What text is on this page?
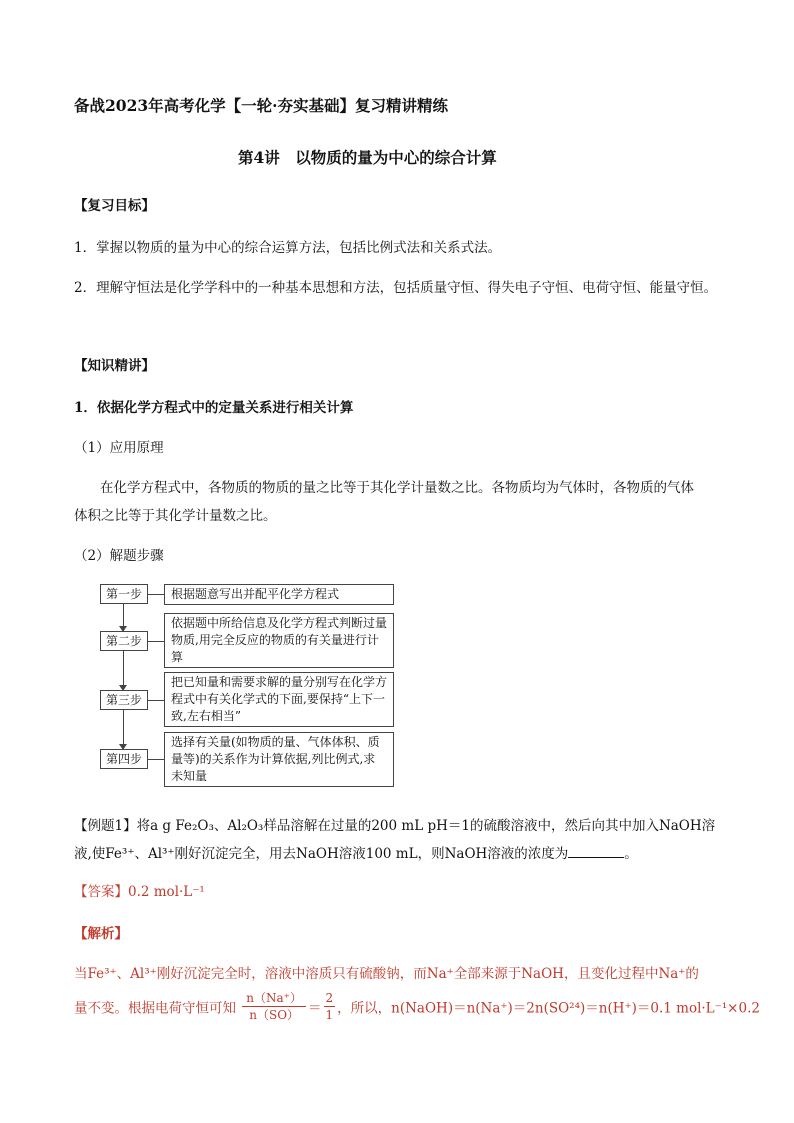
备战2023年高考化学【一轮·夯实基础】复习精讲精练
第4讲　以物质的量为中心的综合计算
【复习目标】
1．掌握以物质的量为中心的综合运算方法，包括比例式法和关系式法。
2．理解守恒法是化学学科中的一种基本思想和方法，包括质量守恒、得失电子守恒、电荷守恒、能量守恒。
【知识精讲】
1．依据化学方程式中的定量关系进行相关计算
（1）应用原理
在化学方程式中，各物质的物质的量之比等于其化学计量数之比。各物质均为气体时，各物质的气体
体积之比等于其化学计量数之比。
（2）解题步骤
第一步	根据题意写出并配平化学方程式
第二步
依据题中所给信息及化学方程式判断过量物质,用完全反应的物质的有关量进行计算
第三步
把已知量和需要求解的量分别写在化学方程式中有关化学式的下面,要保持“上下一致,左右相当”
第四步
选择有关量(如物质的量、气体体积、质量等)的关系作为计算依据,列比例式,求未知量
【例题1】将a g Fe₂O₃、Al₂O₃样品溶解在过量的200 mL pH＝1的硫酸溶液中，然后向其中加入NaOH溶
液,使Fe³⁺、Al³⁺刚好沉淀完全，用去NaOH溶液100 mL，则NaOH溶液的浓度为	。
【答案】0.2 mol·L⁻¹
【解析】
当Fe³⁺、Al³⁺刚好沉淀完全时，溶液中溶质只有硫酸钠，而Na⁺全部来源于NaOH，且变化过程中Na⁺的
量不变。根据电荷守恒可知 $\frac{n(Na^+)}{n(SO)} = \frac{2}{1}$ ，所以，n(NaOH)＝n(Na⁺)＝2n(SO²⁴)＝n(H⁺)＝0.1 mol·L⁻¹×0.2
